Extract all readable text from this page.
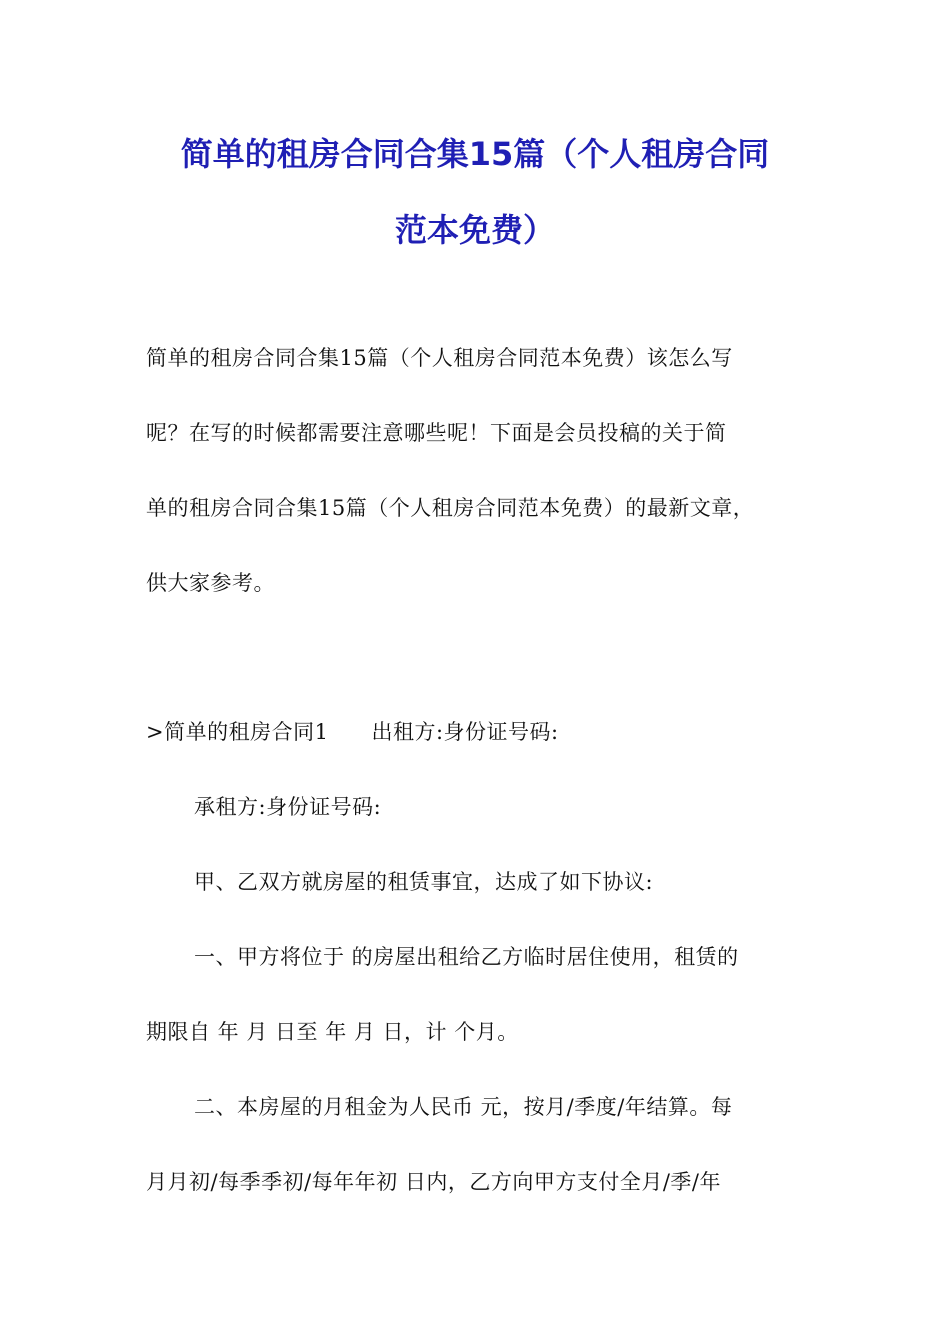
简单的租房合同合集15篇（个人租房合同
范本免费）
简单的租房合同合集15篇（个人租房合同范本免费）该怎么写
呢？在写的时候都需要注意哪些呢！下面是会员投稿的关于简
单的租房合同合集15篇（个人租房合同范本免费）的最新文章，
供大家参考。
>简单的租房合同1　　出租方:身份证号码:
承租方:身份证号码:
甲、乙双方就房屋的租赁事宜，达成了如下协议:
一、甲方将位于 的房屋出租给乙方临时居住使用，租赁的
期限自 年 月 日至 年 月 日，计 个月。
二、本房屋的月租金为人民币 元，按月/季度/年结算。每
月月初/每季季初/每年年初 日内，乙方向甲方支付全月/季/年
